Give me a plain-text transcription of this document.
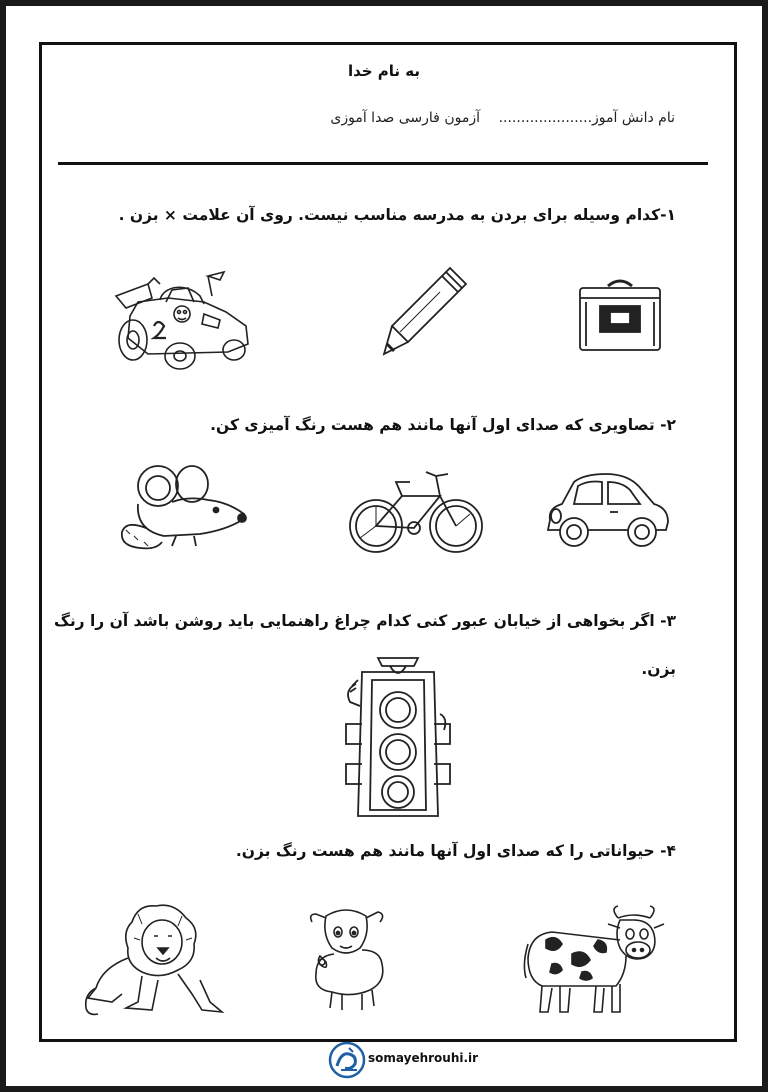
به نام خدا
نام دانش آموز.....................
آزمون فارسی صدا آموزی
۱-کدام وسیله برای بردن به مدرسه مناسب نیست. روی آن علامت × بزن .
۲- تصاویری که صدای اول آنها مانند هم هست رنگ آمیزی کن.
۳- اگر بخواهی از خیابان عبور کنی کدام چراغ راهنمایی باید روشن باشد آن را رنگ
بزن.
۴- حیواناتی را که صدای اول آنها مانند هم هست رنگ بزن.
somayehrouhi.ir
